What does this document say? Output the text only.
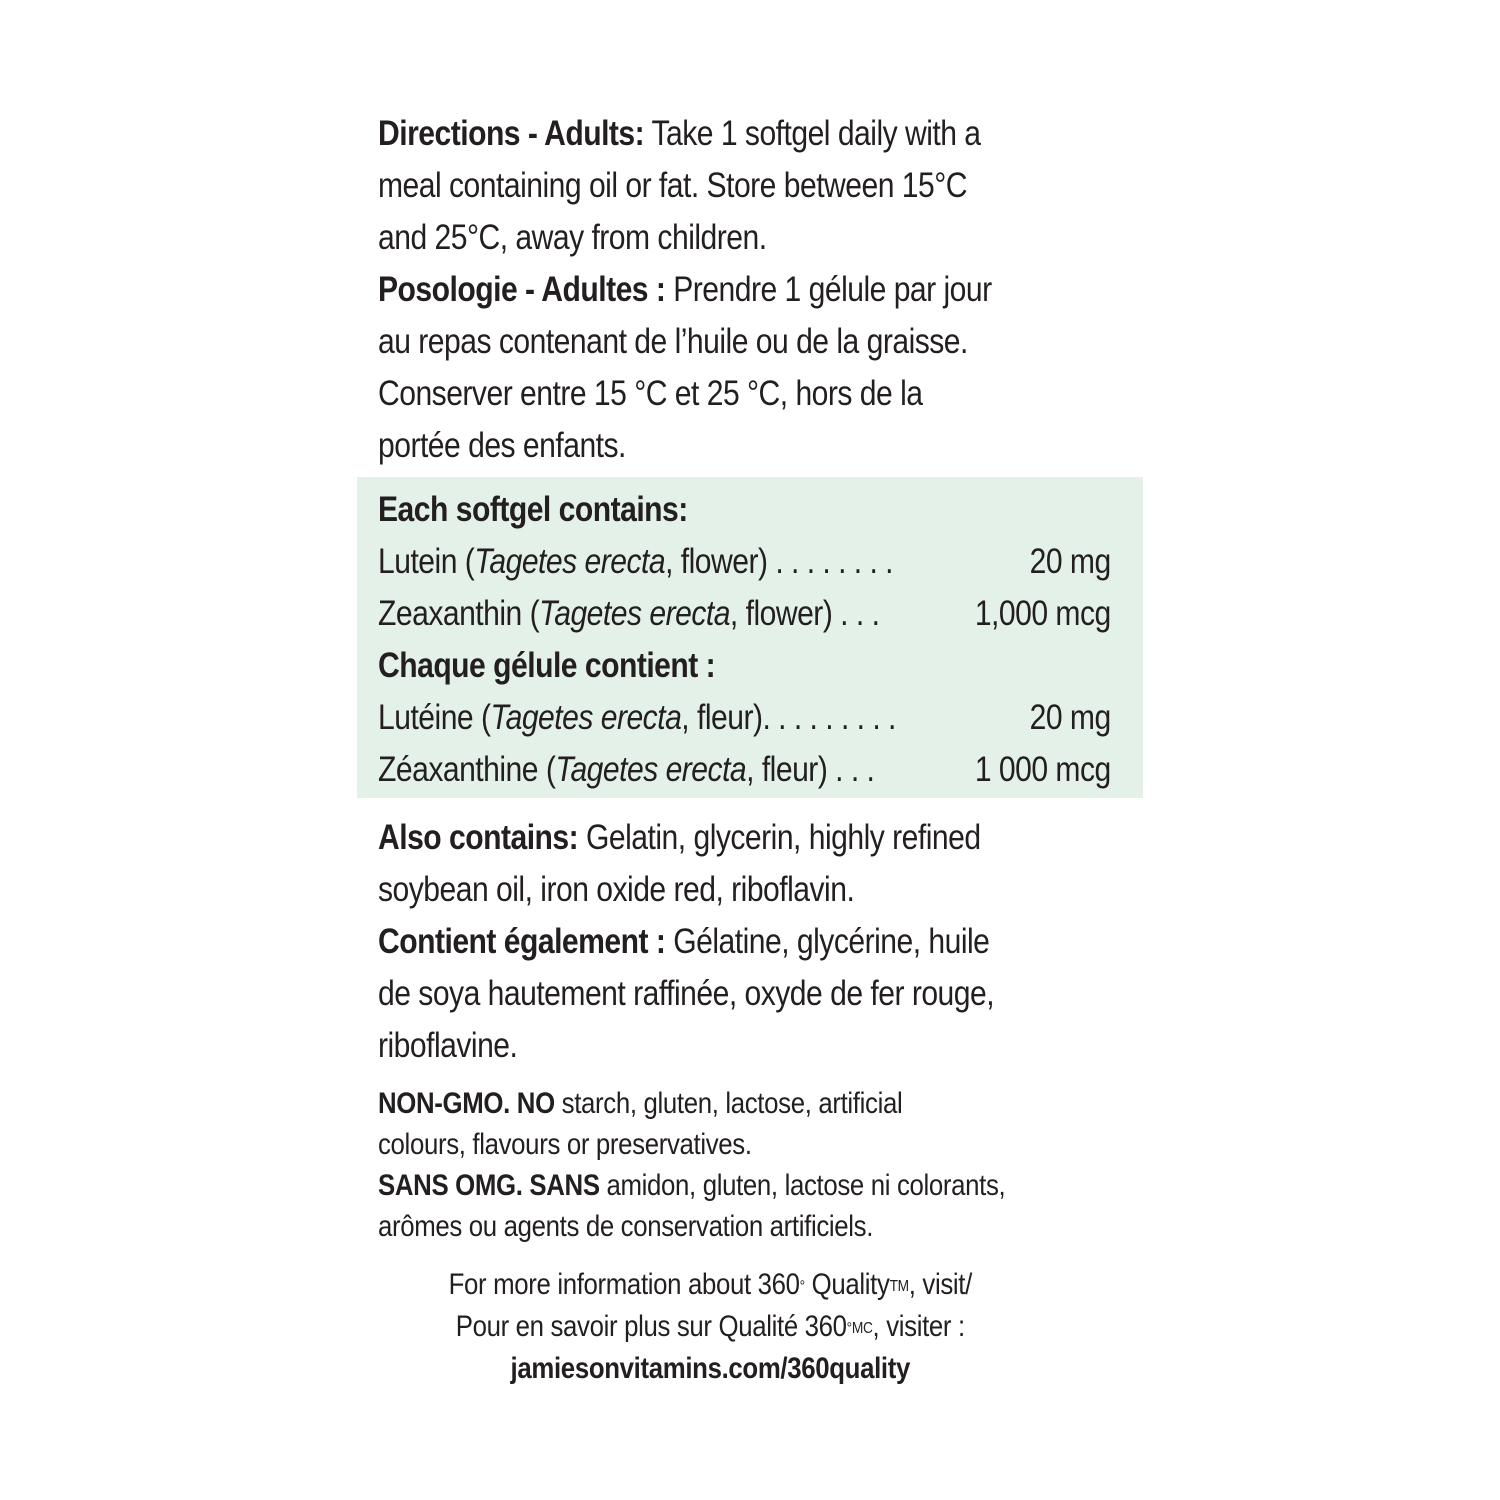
Directions - Adults: Take 1 softgel daily with a

meal containing oil or fat. Store between 15°C

and 25°C, away from children.

Posologie - Adultes : Prendre 1 gélule par jour

au repas contenant de l’huile ou de la graisse.

Conserver entre 15 °C et 25 °C, hors de la

portée des enfants.

Each softgel contains:

Lutein (Tagetes erecta, flower) . . . . . . . .	20 mg
Zeaxanthin (Tagetes erecta, flower) . . .	1,000 mcg

Chaque gélule contient :

Lutéine (Tagetes erecta, fleur). . . . . . . . .	20 mg
Zéaxanthine (Tagetes erecta, fleur) . . .	1 000 mcg

Also contains: Gelatin, glycerin, highly refined

soybean oil, iron oxide red, riboflavin.

Contient également : Gélatine, glycérine, huile

de soya hautement raffinée, oxyde de fer rouge,

riboflavine.

NON-GMO. NO starch, gluten, lactose, artificial

colours, flavours or preservatives.

SANS OMG. SANS amidon, gluten, lactose ni colorants,

arômes ou agents de conservation artificiels.

For more information about 360° Quality™, visit/
Pour en savoir plus sur Qualité $360^{^\circ MC}$, visiter :
jamiesonvitamins.com/360quality
